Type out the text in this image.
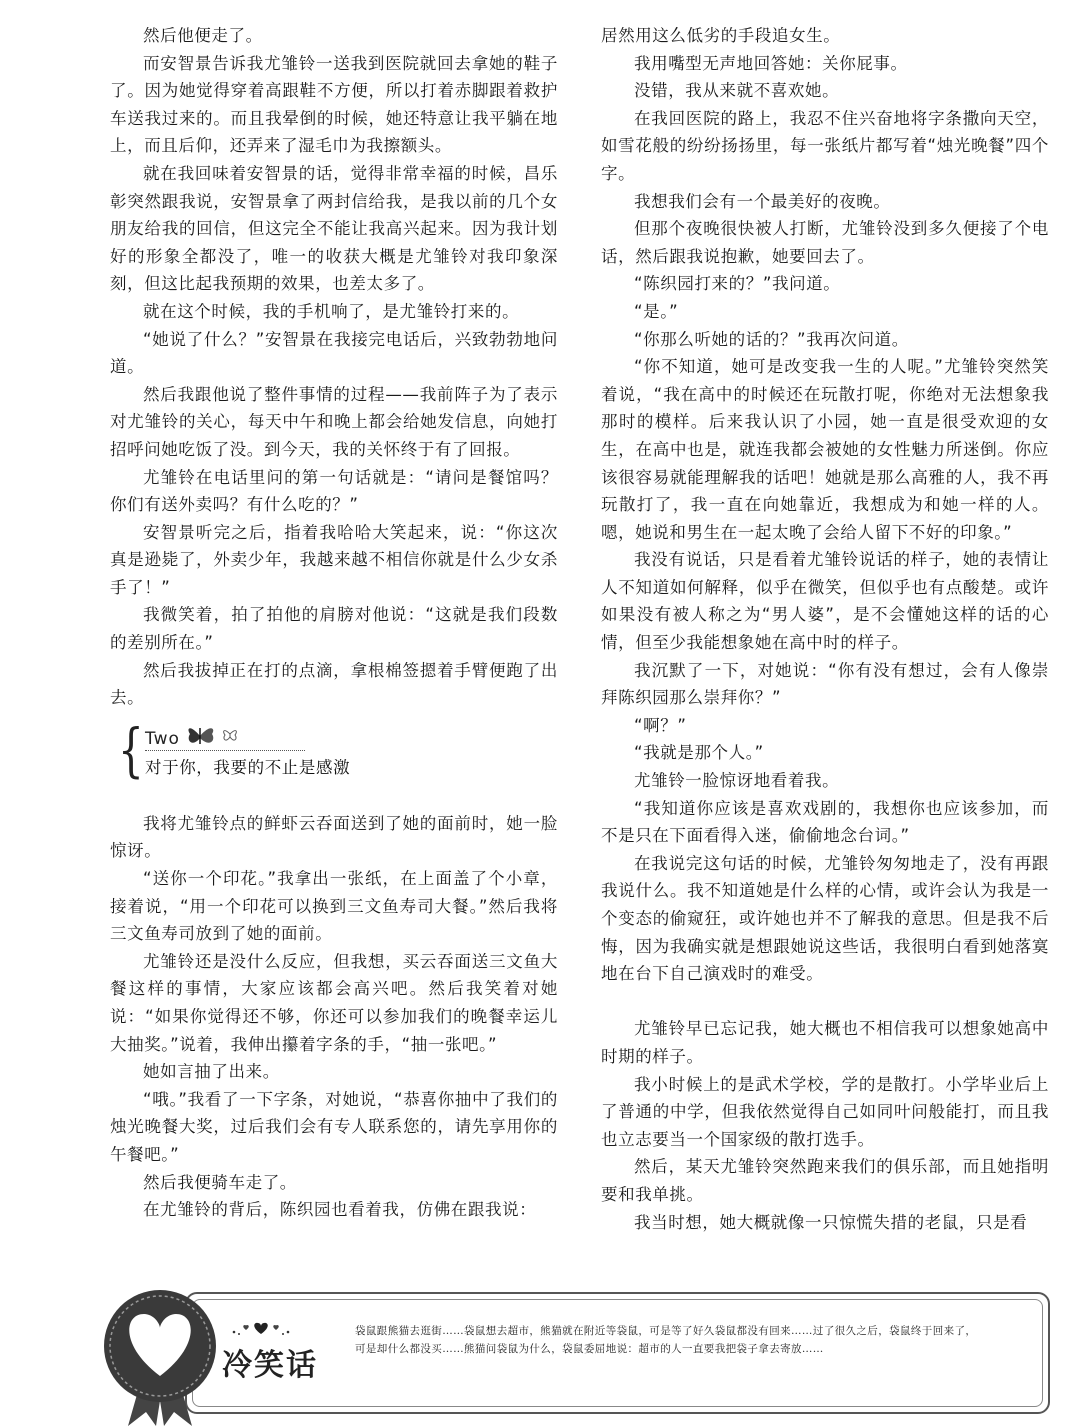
然后他便走了。

而安智景告诉我尤雏铃一送我到医院就回去拿她的鞋子了。因为她觉得穿着高跟鞋不方便，所以打着赤脚跟着救护车送我过来的。而且我晕倒的时候，她还特意让我平躺在地上，而且后仰，还弄来了湿毛巾为我擦额头。

就在我回味着安智景的话，觉得非常幸福的时候，昌乐彰突然跟我说，安智景拿了两封信给我，是我以前的几个女朋友给我的回信，但这完全不能让我高兴起来。因为我计划好的形象全都没了，唯一的收获大概是尤雏铃对我印象深刻，但这比起我预期的效果，也差太多了。

就在这个时候，我的手机响了，是尤雏铃打来的。

“她说了什么？”安智景在我接完电话后，兴致勃勃地问道。

然后我跟他说了整件事情的过程——我前阵子为了表示对尤雏铃的关心，每天中午和晚上都会给她发信息，向她打招呼问她吃饭了没。到今天，我的关怀终于有了回报。

尤雏铃在电话里问的第一句话就是：“请问是餐馆吗？你们有送外卖吗？有什么吃的？”

安智景听完之后，指着我哈哈大笑起来，说：“你这次真是逊毙了，外卖少年，我越来越不相信你就是什么少女杀手了！”

我微笑着，拍了拍他的肩膀对他说：“这就是我们段数的差别所在。”

然后我拔掉正在打的点滴，拿根棉签摁着手臂便跑了出去。

{ Two
对于你，我要的不止是感激

我将尤雏铃点的鲜虾云吞面送到了她的面前时，她一脸惊讶。

“送你一个印花。”我拿出一张纸，在上面盖了个小章，接着说，“用一个印花可以换到三文鱼寿司大餐。”然后我将三文鱼寿司放到了她的面前。

尤雏铃还是没什么反应，但我想，买云吞面送三文鱼大餐这样的事情，大家应该都会高兴吧。然后我笑着对她说：“如果你觉得还不够，你还可以参加我们的晚餐幸运儿大抽奖。”说着，我伸出攥着字条的手，“抽一张吧。”

她如言抽了出来。

“哦。”我看了一下字条，对她说，“恭喜你抽中了我们的烛光晚餐大奖，过后我们会有专人联系您的，请先享用你的午餐吧。”

然后我便骑车走了。

在尤雏铃的背后，陈织园也看着我，仿佛在跟我说：

居然用这么低劣的手段追女生。

我用嘴型无声地回答她：关你屁事。

没错，我从来就不喜欢她。

在我回医院的路上，我忍不住兴奋地将字条撒向天空，如雪花般的纷纷扬扬里，每一张纸片都写着“烛光晚餐”四个字。

我想我们会有一个最美好的夜晚。

但那个夜晚很快被人打断，尤雏铃没到多久便接了个电话，然后跟我说抱歉，她要回去了。

“陈织园打来的？”我问道。

“是。”

“你那么听她的话的？”我再次问道。

“你不知道，她可是改变我一生的人呢。”尤雏铃突然笑着说，“我在高中的时候还在玩散打呢，你绝对无法想象我那时的模样。后来我认识了小园，她一直是很受欢迎的女生，在高中也是，就连我都会被她的女性魅力所迷倒。你应该很容易就能理解我的话吧！她就是那么高雅的人，我不再玩散打了，我一直在向她靠近，我想成为和她一样的人。嗯，她说和男生在一起太晚了会给人留下不好的印象。”

我没有说话，只是看着尤雏铃说话的样子，她的表情让人不知道如何解释，似乎在微笑，但似乎也有点酸楚。或许如果没有被人称之为“男人婆”，是不会懂她这样的话的心情，但至少我能想象她在高中时的样子。

我沉默了一下，对她说：“你有没有想过，会有人像崇拜陈织园那么崇拜你？”

“啊？”

“我就是那个人。”

尤雏铃一脸惊讶地看着我。

“我知道你应该是喜欢戏剧的，我想你也应该参加，而不是只在下面看得入迷，偷偷地念台词。”

在我说完这句话的时候，尤雏铃匆匆地走了，没有再跟我说什么。我不知道她是什么样的心情，或许会认为我是一个变态的偷窥狂，或许她也并不了解我的意思。但是我不后悔，因为我确实就是想跟她说这些话，我很明白看到她落寞地在台下自己演戏时的难受。

尤雏铃早已忘记我，她大概也不相信我可以想象她高中时期的样子。

我小时候上的是武术学校，学的是散打。小学毕业后上了普通的中学，但我依然觉得自己如同叶问般能打，而且我也立志要当一个国家级的散打选手。

然后，某天尤雏铃突然跑来我们的俱乐部，而且她指明要和我单挑。

我当时想，她大概就像一只惊慌失措的老鼠，只是看

袋鼠跟熊猫去逛街……袋鼠想去超市，熊猫就在附近等袋鼠，可是等了好久袋鼠都没有回来……过了很久之后，袋鼠终于回来了，可是却什么都没买……熊猫问袋鼠为什么，袋鼠委屈地说：超市的人一直要我把袋子拿去寄放……
冷笑话
